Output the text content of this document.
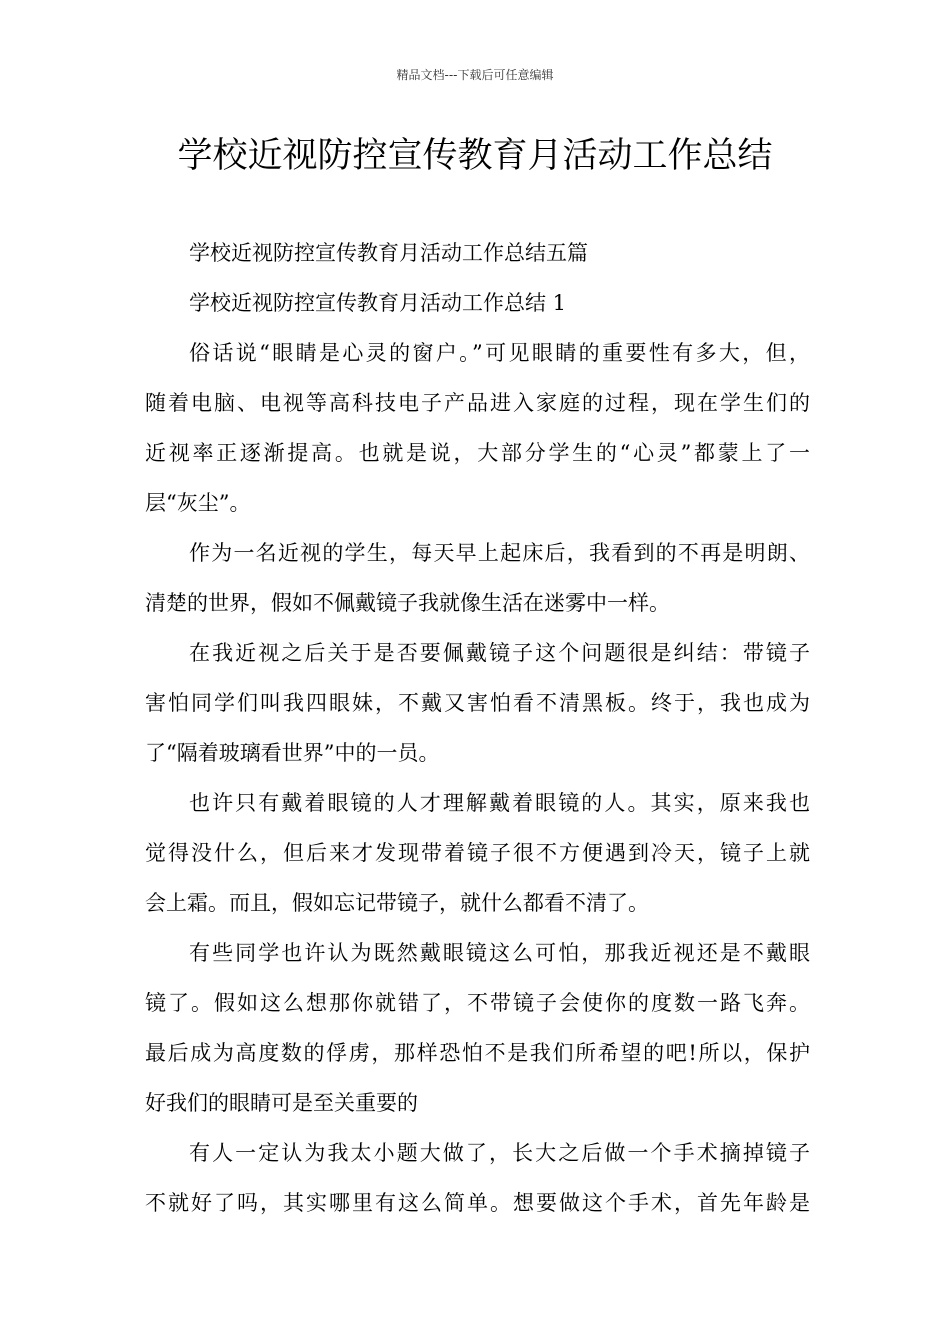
精品文档---下载后可任意编辑
学校近视防控宣传教育月活动工作总结
学校近视防控宣传教育月活动工作总结五篇
学校近视防控宣传教育月活动工作总结 1
俗话说“眼睛是心灵的窗户。”可见眼睛的重要性有多大，但，
随着电脑、电视等高科技电子产品进入家庭的过程，现在学生们的
近视率正逐渐提高。也就是说，大部分学生的“心灵”都蒙上了一
层“灰尘”。
作为一名近视的学生，每天早上起床后，我看到的不再是明朗、
清楚的世界，假如不佩戴镜子我就像生活在迷雾中一样。
在我近视之后关于是否要佩戴镜子这个问题很是纠结：带镜子
害怕同学们叫我四眼妹，不戴又害怕看不清黑板。终于，我也成为
了“隔着玻璃看世界”中的一员。
也许只有戴着眼镜的人才理解戴着眼镜的人。其实，原来我也
觉得没什么，但后来才发现带着镜子很不方便遇到冷天，镜子上就
会上霜。而且，假如忘记带镜子，就什么都看不清了。
有些同学也许认为既然戴眼镜这么可怕，那我近视还是不戴眼
镜了。假如这么想那你就错了，不带镜子会使你的度数一路飞奔。
最后成为高度数的俘虏，那样恐怕不是我们所希望的吧!所以，保护
好我们的眼睛可是至关重要的
有人一定认为我太小题大做了，长大之后做一个手术摘掉镜子
不就好了吗，其实哪里有这么简单。想要做这个手术，首先年龄是
